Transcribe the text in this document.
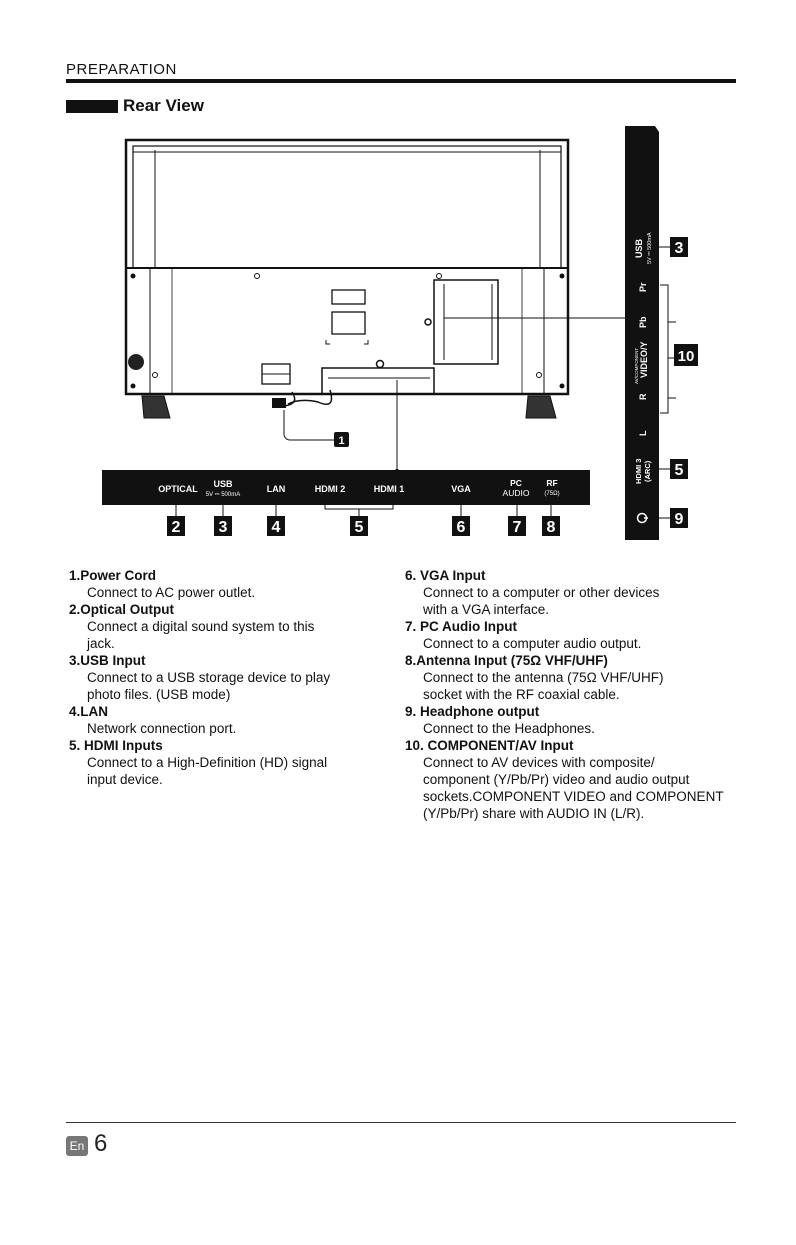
PREPARATION
Rear View
1
OPTICAL USB
5V ⎓ 500mA
LAN	HDMI 2	HDMI 1	VGA
PC
AUDIO
RF
(75Ω)
2 3	4	5	6	7 8
USB 5V ⎓ 500mA
Pr
Pb
AV/COMPONENT VIDEO/Y
R
L
HDMI 3 (ARC)
3
10
5
9
1.Power Cord
Connect to AC power outlet.
2.Optical Output
Connect a digital sound system to this
jack.
3.USB Input
Connect to a USB storage device to play
photo files. (USB mode)
4.LAN
Network connection port.
5. HDMI Inputs
Connect to a High-Definition (HD) signal
input device.
6. VGA Input
Connect to a computer or other devices
with a VGA interface.
7. PC Audio Input
Connect to a computer audio output.
8.Antenna Input (75Ω VHF/UHF)
Connect to the antenna (75Ω VHF/UHF)
socket with the RF coaxial cable.
9. Headphone output
Connect to the Headphones.
10. COMPONENT/AV Input
Connect to AV devices with composite/
component (Y/Pb/Pr) video and audio output
sockets.COMPONENT VIDEO and COMPONENT
(Y/Pb/Pr) share with AUDIO IN (L/R).
En 6
